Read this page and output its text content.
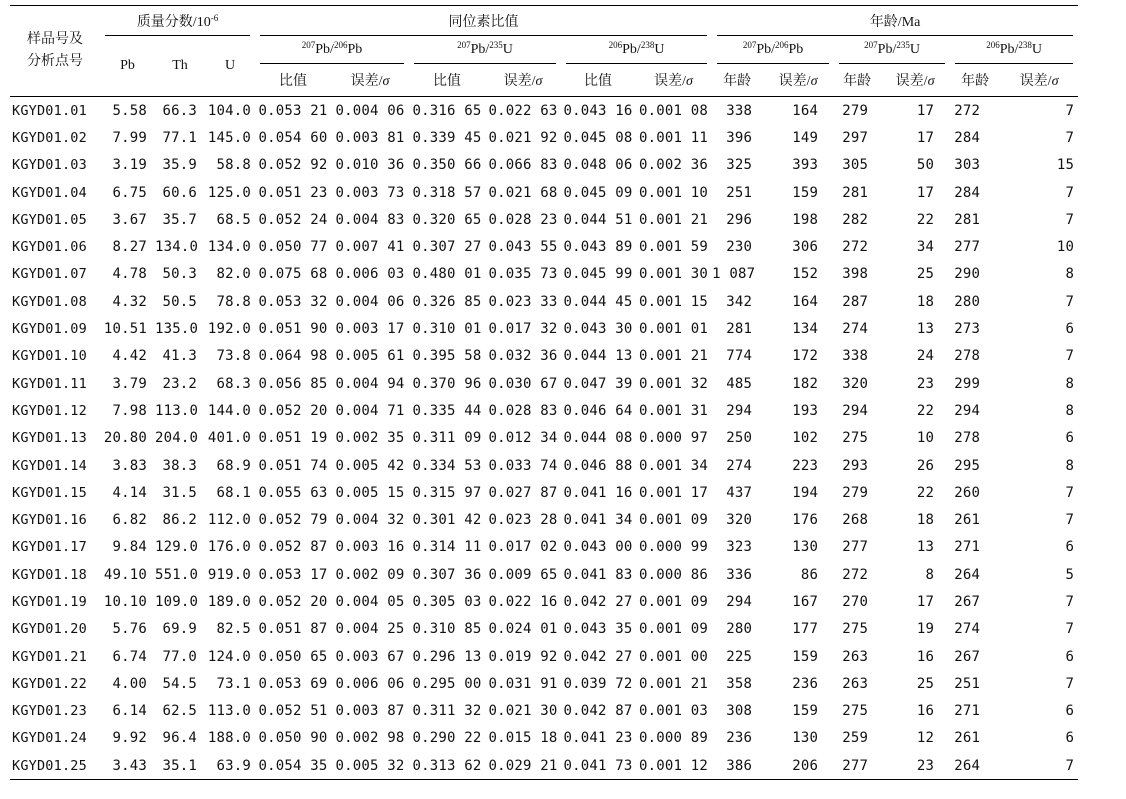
样品号及
分析点号	质量分数$/10^{-6}$			同位素比值						年龄/Ma					
	Pb	Th	U	$^{207}$Pb/$^{206}$Pb		$^{207}$Pb/$^{235}$U		$^{206}$Pb/$^{238}$U		$^{207}$Pb/$^{206}$Pb		$^{207}$Pb/$^{235}$U		$^{206}$Pb/$^{238}$U	
				比值	误差/σ	比值	误差/σ	比值	误差/σ	年龄	误差/σ	年龄	误差/σ	年龄	误差/σ
KGYD01.01	5.58	66.3	104.0	0.053 21	0.004 06	0.316 65	0.022 63	0.043 16	0.001 08	338	164	279	17	272	7
KGYD01.02	7.99	77.1	145.0	0.054 60	0.003 81	0.339 45	0.021 92	0.045 08	0.001 11	396	149	297	17	284	7
KGYD01.03	3.19	35.9	58.8	0.052 92	0.010 36	0.350 66	0.066 83	0.048 06	0.002 36	325	393	305	50	303	15
KGYD01.04	6.75	60.6	125.0	0.051 23	0.003 73	0.318 57	0.021 68	0.045 09	0.001 10	251	159	281	17	284	7
KGYD01.05	3.67	35.7	68.5	0.052 24	0.004 83	0.320 65	0.028 23	0.044 51	0.001 21	296	198	282	22	281	7
KGYD01.06	8.27	134.0	134.0	0.050 77	0.007 41	0.307 27	0.043 55	0.043 89	0.001 59	230	306	272	34	277	10
KGYD01.07	4.78	50.3	82.0	0.075 68	0.006 03	0.480 01	0.035 73	0.045 99	0.001 30	1 087	152	398	25	290	8
KGYD01.08	4.32	50.5	78.8	0.053 32	0.004 06	0.326 85	0.023 33	0.044 45	0.001 15	342	164	287	18	280	7
KGYD01.09	10.51	135.0	192.0	0.051 90	0.003 17	0.310 01	0.017 32	0.043 30	0.001 01	281	134	274	13	273	6
KGYD01.10	4.42	41.3	73.8	0.064 98	0.005 61	0.395 58	0.032 36	0.044 13	0.001 21	774	172	338	24	278	7
KGYD01.11	3.79	23.2	68.3	0.056 85	0.004 94	0.370 96	0.030 67	0.047 39	0.001 32	485	182	320	23	299	8
KGYD01.12	7.98	113.0	144.0	0.052 20	0.004 71	0.335 44	0.028 83	0.046 64	0.001 31	294	193	294	22	294	8
KGYD01.13	20.80	204.0	401.0	0.051 19	0.002 35	0.311 09	0.012 34	0.044 08	0.000 97	250	102	275	10	278	6
KGYD01.14	3.83	38.3	68.9	0.051 74	0.005 42	0.334 53	0.033 74	0.046 88	0.001 34	274	223	293	26	295	8
KGYD01.15	4.14	31.5	68.1	0.055 63	0.005 15	0.315 97	0.027 87	0.041 16	0.001 17	437	194	279	22	260	7
KGYD01.16	6.82	86.2	112.0	0.052 79	0.004 32	0.301 42	0.023 28	0.041 34	0.001 09	320	176	268	18	261	7
KGYD01.17	9.84	129.0	176.0	0.052 87	0.003 16	0.314 11	0.017 02	0.043 00	0.000 99	323	130	277	13	271	6
KGYD01.18	49.10	551.0	919.0	0.053 17	0.002 09	0.307 36	0.009 65	0.041 83	0.000 86	336	86	272	8	264	5
KGYD01.19	10.10	109.0	189.0	0.052 20	0.004 05	0.305 03	0.022 16	0.042 27	0.001 09	294	167	270	17	267	7
KGYD01.20	5.76	69.9	82.5	0.051 87	0.004 25	0.310 85	0.024 01	0.043 35	0.001 09	280	177	275	19	274	7
KGYD01.21	6.74	77.0	124.0	0.050 65	0.003 67	0.296 13	0.019 92	0.042 27	0.001 00	225	159	263	16	267	6
KGYD01.22	4.00	54.5	73.1	0.053 69	0.006 06	0.295 00	0.031 91	0.039 72	0.001 21	358	236	263	25	251	7
KGYD01.23	6.14	62.5	113.0	0.052 51	0.003 87	0.311 32	0.021 30	0.042 87	0.001 03	308	159	275	16	271	6
KGYD01.24	9.92	96.4	188.0	0.050 90	0.002 98	0.290 22	0.015 18	0.041 23	0.000 89	236	130	259	12	261	6
KGYD01.25	3.43	35.1	63.9	0.054 35	0.005 32	0.313 62	0.029 21	0.041 73	0.001 12	386	206	277	23	264	7
